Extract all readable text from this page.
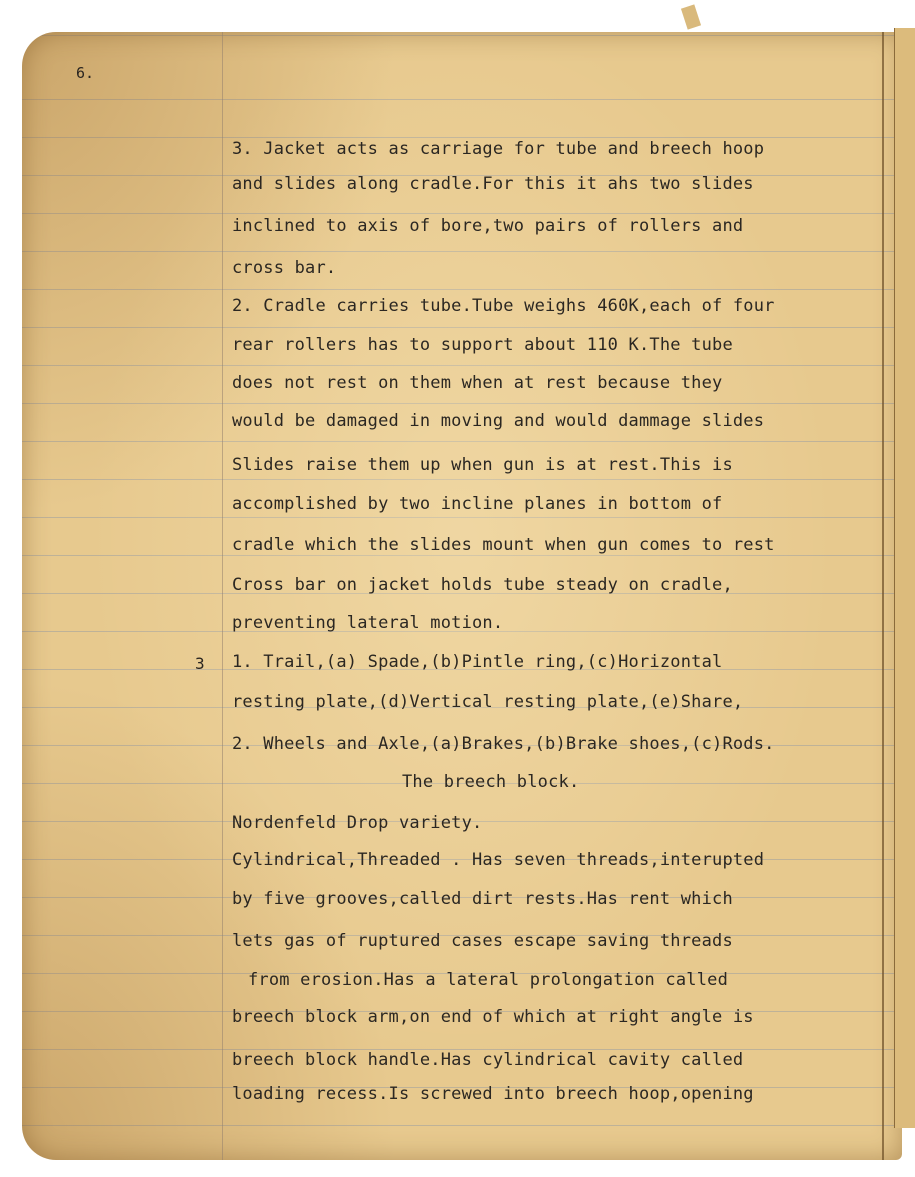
6.
3
3. Jacket acts as carriage for tube and breech hoop
and slides along cradle.For this it ahs two slides
inclined to axis of bore,two pairs of rollers and
cross bar.
2. Cradle carries tube.Tube weighs 460K,each of four
rear rollers has to support about 110 K.The tube
does not rest on them when at rest because they
would be damaged in moving and would dammage slides
Slides raise them up when gun is at rest.This is
accomplished by two incline planes in bottom of
cradle which the slides mount when gun comes to rest
Cross bar on jacket holds tube steady on cradle,
preventing lateral motion.
1. Trail,(a) Spade,(b)Pintle ring,(c)Horizontal
resting plate,(d)Vertical resting plate,(e)Share,
2. Wheels and Axle,(a)Brakes,(b)Brake shoes,(c)Rods.
The breech block.
Nordenfeld Drop variety.
Cylindrical,Threaded . Has seven threads,interupted
by five grooves,called dirt rests.Has rent which
lets gas of ruptured cases escape saving threads
from erosion.Has a lateral prolongation called
breech block arm,on end of which at right angle is
breech block handle.Has cylindrical cavity called
loading recess.Is screwed into breech hoop,opening
